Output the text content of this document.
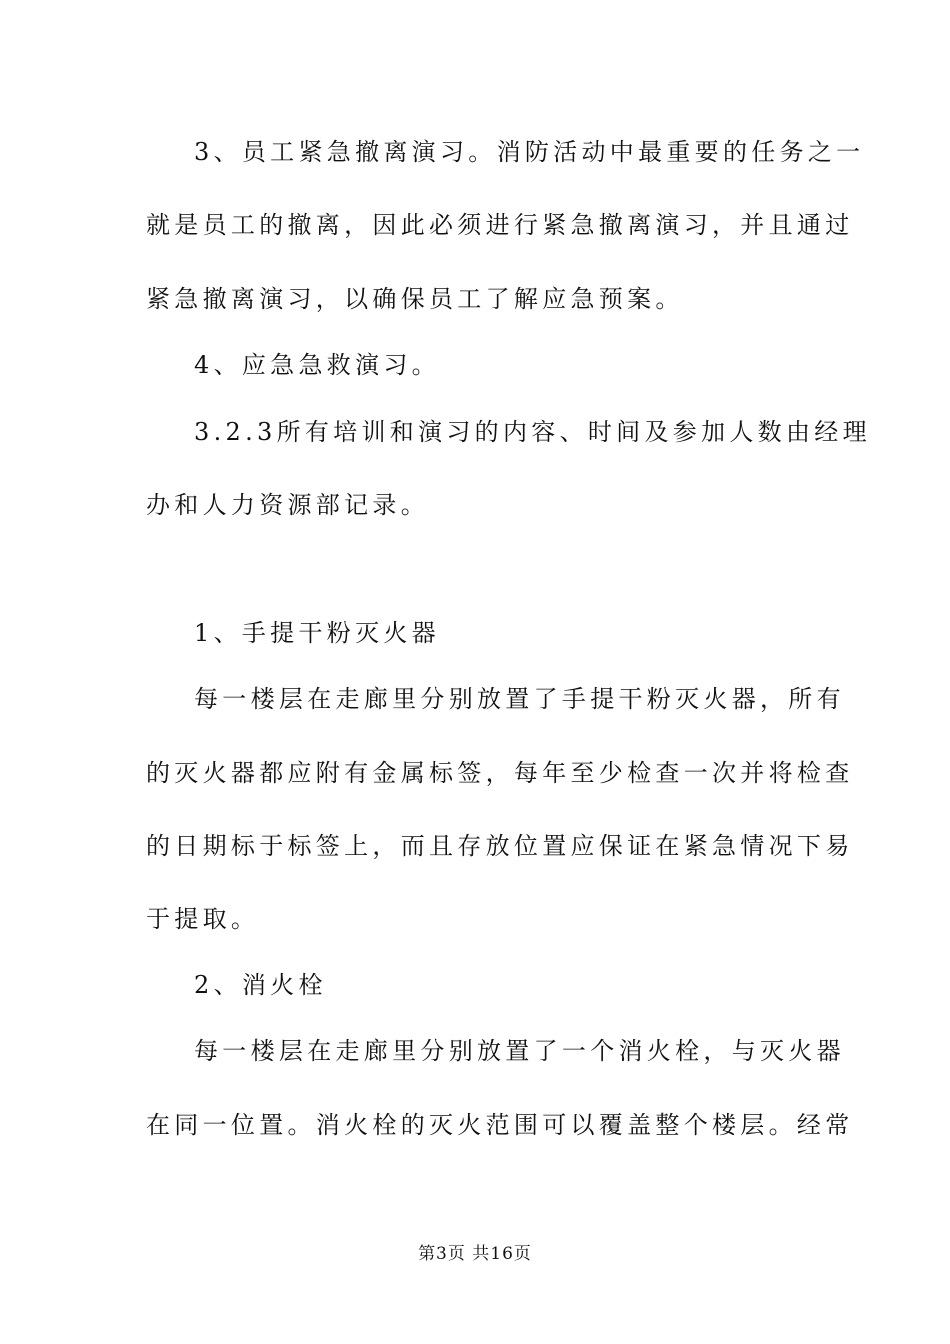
3、员工紧急撤离演习。消防活动中最重要的任务之一
就是员工的撤离，因此必须进行紧急撤离演习，并且通过
紧急撤离演习，以确保员工了解应急预案。
4、应急急救演习。
3.2.3所有培训和演习的内容、时间及参加人数由经理
办和人力资源部记录。
1、手提干粉灭火器
每一楼层在走廊里分别放置了手提干粉灭火器，所有
的灭火器都应附有金属标签，每年至少检查一次并将检查
的日期标于标签上，而且存放位置应保证在紧急情况下易
于提取。
2、消火栓
每一楼层在走廊里分别放置了一个消火栓，与灭火器
在同一位置。消火栓的灭火范围可以覆盖整个楼层。经常
第3页 共16页
